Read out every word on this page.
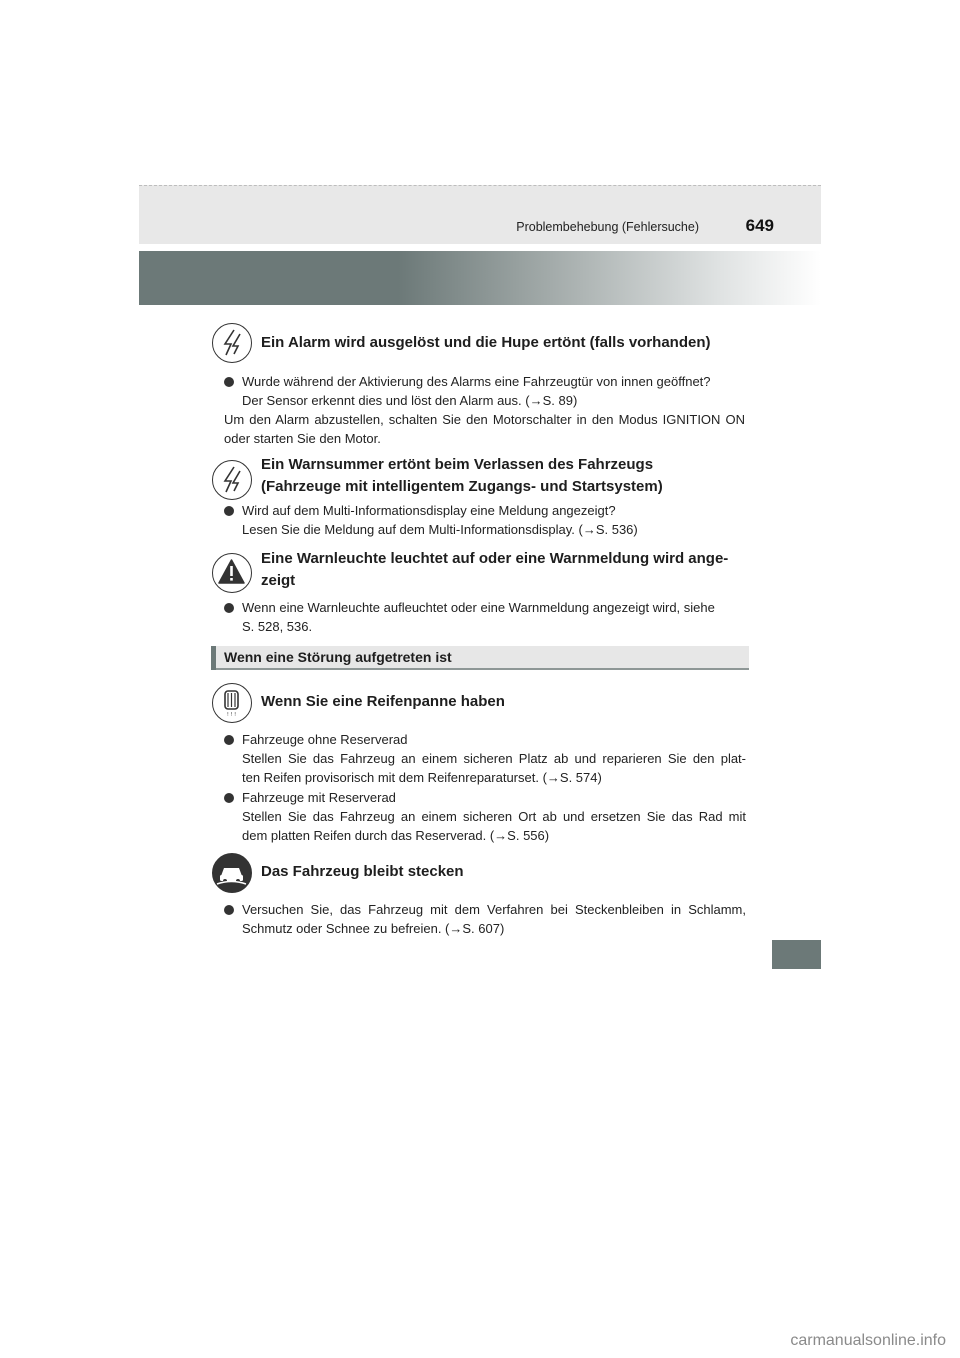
Problembehebung (Fehlersuche)	649
Ein Alarm wird ausgelöst und die Hupe ertönt (falls vorhanden)
Wurde während der Aktivierung des Alarms eine Fahrzeugtür von innen geöffnet?
Der Sensor erkennt dies und löst den Alarm aus. (→S. 89)
Um den Alarm abzustellen, schalten Sie den Motorschalter in den Modus IGNITION ON oder starten Sie den Motor.
Ein Warnsummer ertönt beim Verlassen des Fahrzeugs
(Fahrzeuge mit intelligentem Zugangs- und Startsystem)
Wird auf dem Multi-Informationsdisplay eine Meldung angezeigt?
Lesen Sie die Meldung auf dem Multi-Informationsdisplay. (→S. 536)
Eine Warnleuchte leuchtet auf oder eine Warnmeldung wird ange-
zeigt
Wenn eine Warnleuchte aufleuchtet oder eine Warnmeldung angezeigt wird, siehe
S. 528, 536.
Wenn eine Störung aufgetreten ist
! ! !
Wenn Sie eine Reifenpanne haben
Fahrzeuge ohne Reserverad
Stellen Sie das Fahrzeug an einem sicheren Platz ab und reparieren Sie den plat-
ten Reifen provisorisch mit dem Reifenreparaturset. (→S. 574)
Fahrzeuge mit Reserverad
Stellen Sie das Fahrzeug an einem sicheren Ort ab und ersetzen Sie das Rad mit
dem platten Reifen durch das Reserverad. (→S. 556)
Das Fahrzeug bleibt stecken
Versuchen Sie, das Fahrzeug mit dem Verfahren bei Steckenbleiben in Schlamm,
Schmutz oder Schnee zu befreien. (→S. 607)
carmanualsonline.info
